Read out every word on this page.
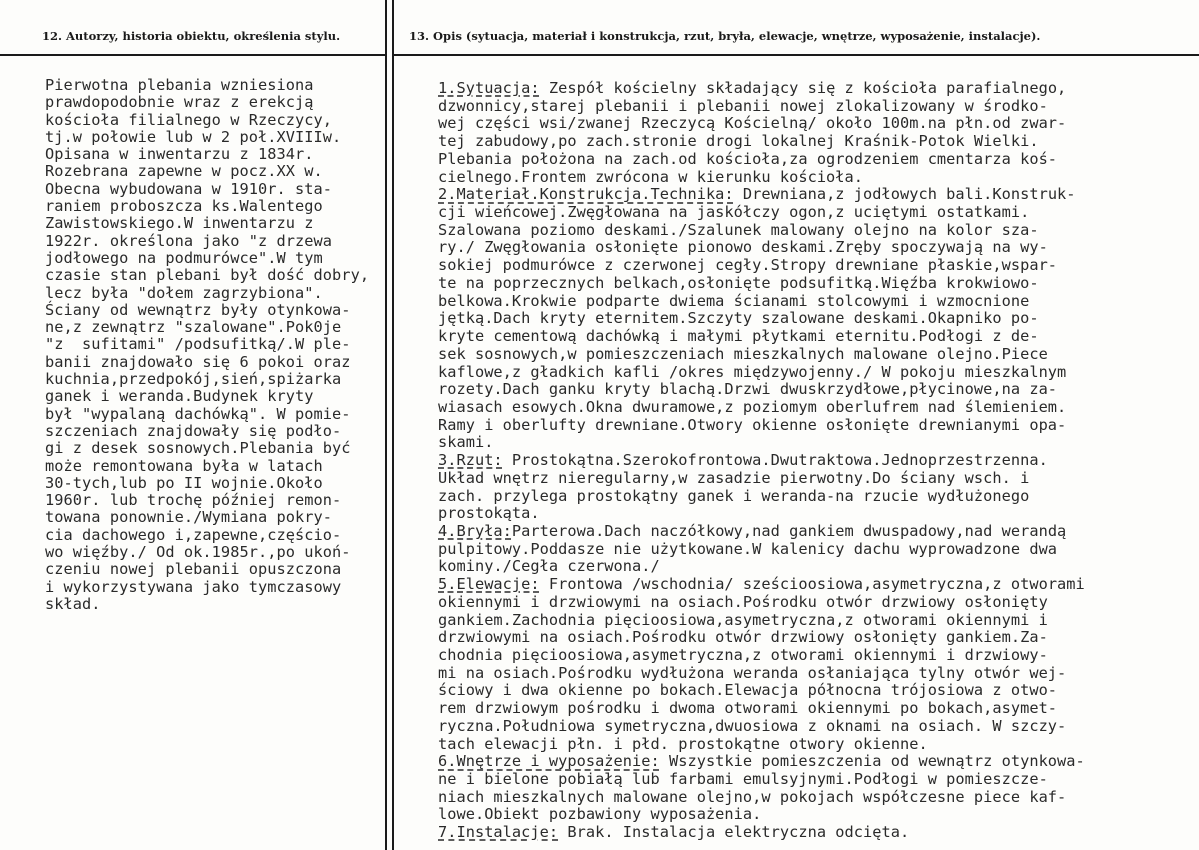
12. Autorzy, historia obiektu, określenia stylu.	13. Opis (sytuacja, materiał i konstrukcja, rzut, bryła, elewacje, wnętrze, wyposażenie, instalacje).
Pierwotna plebania wzniesiona
prawdopodobnie wraz z erekcją
kościoła filialnego w Rzeczycy,
tj.w połowie lub w 2 poł.XVIIIw.
Opisana w inwentarzu z 1834r.
Rozebrana zapewne w pocz.XX w.
Obecna wybudowana w 1910r. sta-
raniem proboszcza ks.Walentego
Zawistowskiego.W inwentarzu z
1922r. określona jako "z drzewa
jodłowego na podmurówce".W tym
czasie stan plebani był dość dobry,
lecz była "dołem zagrzybiona".
Ściany od wewnątrz były otynkowa-
ne,z zewnątrz "szalowane".Pok0je
"z  sufitami" /podsufitką/.W ple-
banii znajdowało się 6 pokoi oraz
kuchnia,przedpokój,sień,spiżarka
ganek i weranda.Budynek kryty
był "wypalaną dachówką". W pomie-
szczeniach znajdowały się podło-
gi z desek sosnowych.Plebania być
może remontowana była w latach
30-tych,lub po II wojnie.Około
1960r. lub trochę później remon-
towana ponownie./Wymiana pokry-
cia dachowego i,zapewne,częścio-
wo więźby./ Od ok.1985r.,po ukoń-
czeniu nowej plebanii opuszczona
i wykorzystywana jako tymczasowy
skład.
1.Sytuacja: Zespół kościelny składający się z kościoła parafialnego,
dzwonnicy,starej plebanii i plebanii nowej zlokalizowany w środko-
wej części wsi/zwanej Rzeczycą Kościelną/ około 100m.na płn.od zwar-
tej zabudowy,po zach.stronie drogi lokalnej Kraśnik-Potok Wielki.
Plebania położona na zach.od kościoła,za ogrodzeniem cmentarza koś-
cielnego.Frontem zwrócona w kierunku kościoła.
2.Materiał.Konstrukcja.Technika: Drewniana,z jodłowych bali.Konstruk-
cji wieńcowej.Zwęgłowana na jaskółczy ogon,z uciętymi ostatkami.
Szalowana poziomo deskami./Szalunek malowany olejno na kolor sza-
ry./ Zwęgłowania osłonięte pionowo deskami.Zręby spoczywają na wy-
sokiej podmurówce z czerwonej cegły.Stropy drewniane płaskie,wspar-
te na poprzecznych belkach,osłonięte podsufitką.Więźba krokwiowo-
belkowa.Krokwie podparte dwiema ścianami stolcowymi i wzmocnione
jętką.Dach kryty eternitem.Szczyty szalowane deskami.Okapniko po-
kryte cementową dachówką i małymi płytkami eternitu.Podłogi z de-
sek sosnowych,w pomieszczeniach mieszkalnych malowane olejno.Piece
kaflowe,z gładkich kafli /okres międzywojenny./ W pokoju mieszkalnym
rozety.Dach ganku kryty blachą.Drzwi dwuskrzydłowe,płycinowe,na za-
wiasach esowych.Okna dwuramowe,z poziomym oberlufrem nad ślemieniem.
Ramy i oberlufty drewniane.Otwory okienne osłonięte drewnianymi opa-
skami.
3.Rzut: Prostokątna.Szerokofrontowa.Dwutraktowa.Jednoprzestrzenna.
Układ wnętrz nieregularny,w zasadzie pierwotny.Do ściany wsch. i
zach. przylega prostokątny ganek i weranda-na rzucie wydłużonego
prostokąta.
4.Bryła:Parterowa.Dach naczółkowy,nad gankiem dwuspadowy,nad werandą
pulpitowy.Poddasze nie użytkowane.W kalenicy dachu wyprowadzone dwa
kominy./Cegła czerwona./
5.Elewacje: Frontowa /wschodnia/ sześcioosiowa,asymetryczna,z otworami
okiennymi i drzwiowymi na osiach.Pośrodku otwór drzwiowy osłonięty
gankiem.Zachodnia pięcioosiowa,asymetryczna,z otworami okiennymi i
drzwiowymi na osiach.Pośrodku otwór drzwiowy osłonięty gankiem.Za-
chodnia pięcioosiowa,asymetryczna,z otworami okiennymi i drzwiowy-
mi na osiach.Pośrodku wydłużona weranda osłaniająca tylny otwór wej-
ściowy i dwa okienne po bokach.Elewacja północna trójosiowa z otwo-
rem drzwiowym pośrodku i dwoma otworami okiennymi po bokach,asymet-
ryczna.Południowa symetryczna,dwuosiowa z oknami na osiach. W szczy-
tach elewacji płn. i płd. prostokątne otwory okienne.
6.Wnętrze i wyposażenie: Wszystkie pomieszczenia od wewnątrz otynkowa-
ne i bielone pobiałą lub farbami emulsyjnymi.Podłogi w pomieszcze-
niach mieszkalnych malowane olejno,w pokojach współczesne piece kaf-
lowe.Obiekt pozbawiony wyposażenia.
7.Instalacje: Brak. Instalacja elektryczna odcięta.
